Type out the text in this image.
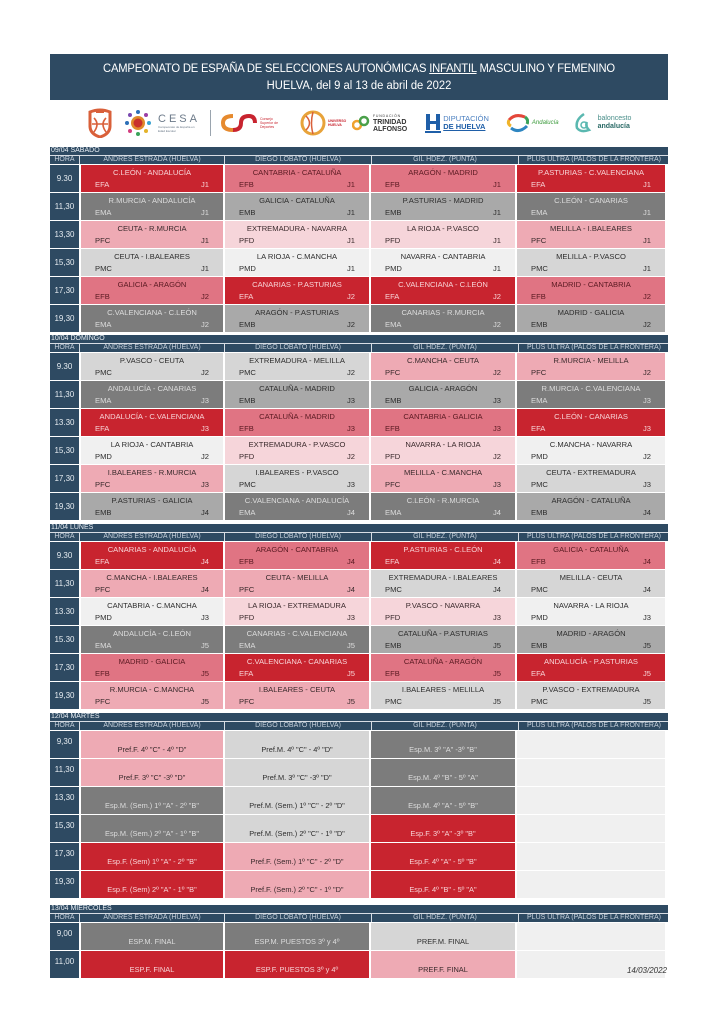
CAMPEONATO DE ESPAÑA DE SELECCIONES AUTONÓMICAS INFANTIL MASCULINO Y FEMENINO
HUELVA, del 9 al 13 de abril de 2022
CESA
Campeonato de España en Edad Escolar
Consejo Superior de Deportes
UNIVERSO HUELVA
FUNDACIÓN
TRINIDAD
ALFONSO
DIPUTACIÓN
DE HUELVA	Andalucía
baloncesto
andalucía
09/04 SÁBADO
HORA	ANDRES ESTRADA (HUELVA)	DIEGO LOBATO (HUELVA)	GIL HDEZ. (PUNTA)	PLUS ULTRA (PALOS DE LA FRONTERA)
9.30
C.LEÓN - ANDALUCÍA
EFA	J1
CANTABRIA - CATALUÑA
EFB	J1
ARAGÓN - MADRID
EFB	J1
P.ASTURIAS - C.VALENCIANA
EFA	J1
11,30
R.MURCIA - ANDALUCÍA
EMA	J1
GALICIA - CATALUÑA
EMB	J1
P.ASTURIAS - MADRID
EMB	J1
C.LEÓN - CANARIAS
EMA	J1
13,30
CEUTA - R.MURCIA
PFC	J1
EXTREMADURA - NAVARRA
PFD	J1
LA RIOJA - P.VASCO
PFD	J1
MELILLA - I.BALEARES
PFC	J1
15,30
CEUTA - I.BALEARES
PMC	J1
LA RIOJA - C.MANCHA
PMD	J1
NAVARRA - CANTABRIA
PMD	J1
MELILLA - P.VASCO
PMC	J1
17,30
GALICIA - ARAGÓN
EFB	J2
CANARIAS - P.ASTURIAS
EFA	J2
C.VALENCIANA - C.LEÓN
EFA	J2
MADRID - CANTABRIA
EFB	J2
19,30
C.VALENCIANA - C.LEÓN
EMA	J2
ARAGÓN - P.ASTURIAS
EMB	J2
CANARIAS - R.MURCIA
EMA	J2
MADRID - GALICIA
EMB	J2
10/04 DOMINGO
HORA	ANDRES ESTRADA (HUELVA)	DIEGO LOBATO (HUELVA)	GIL HDEZ. (PUNTA)	PLUS ULTRA (PALOS DE LA FRONTERA)
9.30
P.VASCO - CEUTA
PMC	J2
EXTREMADURA - MELILLA
PMC	J2
C.MANCHA - CEUTA
PFC	J2
R.MURCIA - MELILLA
PFC	J2
11,30
ANDALUCÍA - CANARIAS
EMA	J3
CATALUÑA - MADRID
EMB	J3
GALICIA - ARAGÓN
EMB	J3
R.MURCIA - C.VALENCIANA
EMA	J3
13.30
ANDALUCÍA - C.VALENCIANA
EFA	J3
CATALUÑA - MADRID
EFB	J3
CANTABRIA - GALICIA
EFB	J3
C.LEÓN - CANARIAS
EFA	J3
15,30
LA RIOJA - CANTABRIA
PMD	J2
EXTREMADURA - P.VASCO
PFD	J2
NAVARRA - LA RIOJA
PFD	J2
C.MANCHA - NAVARRA
PMD	J2
17,30
I.BALEARES - R.MURCIA
PFC	J3
I.BALEARES - P.VASCO
PMC	J3
MELILLA - C.MANCHA
PFC	J3
CEUTA - EXTREMADURA
PMC	J3
19,30
P.ASTURIAS - GALICIA
EMB	J4
C.VALENCIANA - ANDALUCÍA
EMA	J4
C.LEÓN - R.MURCIA
EMA	J4
ARAGÓN - CATALUÑA
EMB	J4
11/04 LUNES
HORA	ANDRES ESTRADA (HUELVA)	DIEGO LOBATO (HUELVA)	GIL HDEZ. (PUNTA)	PLUS ULTRA (PALOS DE LA FRONTERA)
9.30
CANARIAS - ANDALUCÍA
EFA	J4
ARAGÓN - CANTABRIA
EFB	J4
P.ASTURIAS - C.LEÓN
EFA	J4
GALICIA - CATALUÑA
EFB	J4
11,30
C.MANCHA - I.BALEARES
PFC	J4
CEUTA - MELILLA
PFC	J4
EXTREMADURA - I.BALEARES
PMC	J4
MELILLA - CEUTA
PMC	J4
13.30
CANTABRIA - C.MANCHA
PMD	J3
LA RIOJA - EXTREMADURA
PFD	J3
P.VASCO - NAVARRA
PFD	J3
NAVARRA - LA RIOJA
PMD	J3
15.30
ANDALUCÍA - C.LEÓN
EMA	J5
CANARIAS - C.VALENCIANA
EMA	J5
CATALUÑA - P.ASTURIAS
EMB	J5
MADRID - ARAGÓN
EMB	J5
17,30
MADRID - GALICIA
EFB	J5
C.VALENCIANA - CANARIAS
EFA	J5
CATALUÑA - ARAGÓN
EFB	J5
ANDALUCÍA - P.ASTURIAS
EFA	J5
19,30
R.MURCIA - C.MANCHA
PFC	J5
I.BALEARES - CEUTA
PFC	J5
I.BALEARES - MELILLA
PMC	J5
P.VASCO - EXTREMADURA
PMC	J5
12/04 MARTES
HORA	ANDRES ESTRADA (HUELVA)	DIEGO LOBATO (HUELVA)	GIL HDEZ. (PUNTA)	PLUS ULTRA (PALOS DE LA FRONTERA)
9,30
Pref.F. 4º "C" - 4º "D"	Pref.M. 4º "C" - 4º "D"	Esp.M. 3º "A" -3º "B"
11,30
Pref.F. 3º "C" -3º "D"	Pref.M. 3º "C" -3º "D"	Esp.M. 4º "B" - 5º "A"
13,30
Esp.M. (Sem.) 1º "A" - 2º "B"	Pref.M. (Sem.) 1º "C" - 2º "D"	Esp.M. 4º "A" - 5º "B"
15,30
Esp.M. (Sem.) 2º "A" - 1º "B"	Pref.M. (Sem.) 2º "C" - 1º "D"	Esp.F. 3º "A" -3º "B"
17,30
Esp.F. (Sem) 1º "A" - 2º "B"	Pref.F. (Sem.) 1º "C" - 2º "D"	Esp.F. 4º "A" - 5º "B"
19,30
Esp.F. (Sem) 2º "A" - 1º "B"	Pref.F. (Sem.) 2º "C" - 1º "D"	Esp.F. 4º "B" - 5º "A"
13/04 MIÉRCOLES
HORA	ANDRES ESTRADA (HUELVA)	DIEGO LOBATO (HUELVA)	GIL HDEZ. (PUNTA)	PLUS ULTRA (PALOS DE LA FRONTERA)
9,00
ESP.M. FINAL	ESP.M. PUESTOS 3º y 4º	PREF.M. FINAL
11,00
ESP.F. FINAL	ESP.F. PUESTOS 3º y 4º	PREF.F. FINAL	14/03/2022
